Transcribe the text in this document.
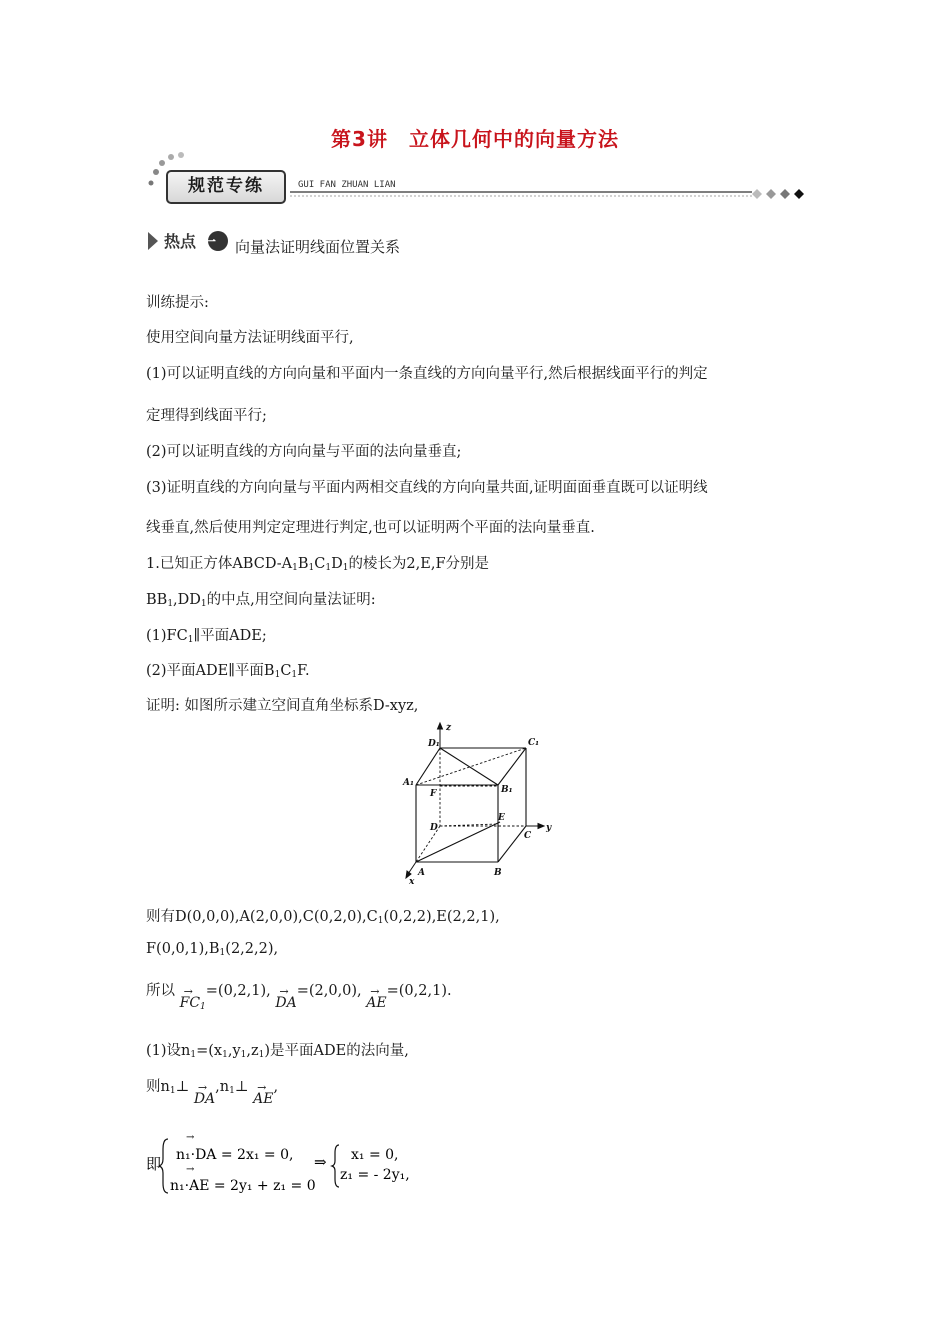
第3讲　立体几何中的向量方法
规范专练	GUI FAN ZHUAN LIAN
热点 一 向量法证明线面位置关系
训练提示:
使用空间向量方法证明线面平行,
(1)可以证明直线的方向向量和平面内一条直线的方向向量平行,然后根据线面平行的判定
定理得到线面平行;
(2)可以证明直线的方向向量与平面的法向量垂直;
(3)证明直线的方向向量与平面内两相交直线的方向向量共面,证明面面垂直既可以证明线
线垂直,然后使用判定定理进行判定,也可以证明两个平面的法向量垂直.
1.已知正方体ABCD-$A_1B_1C_1D_1$的棱长为2,E,F分别是
$BB_1,DD_1$的中点,用空间向量法证明:
$(1)FC_1\parallel$平面ADE;
(2)平面ADE∥平面$B_1C_1F$.
证明: 如图所示建立空间直角坐标系D-xyz,
D₁
z
C₁
A₁
F	B₁
D
E
C
y
A	B
x
则有$D(0,0,0),A(2,0,0),C(0,2,0),C_1(0,2,2),E(2,2,1)$,
$F(0,0,1),B_1(2,2,2)$,
所以 →
$FC_1=(0,2,1)$, →
DA=(2,0,0), →
AE=(0,2,1).
(1)设$n_1=(x_1,y_1,z_1)$是平面ADE的法向量,
则$n_1\perp$ →
$DA,n_1\perp$ →
AE,
即
→
n₁·DA = 2x₁ = 0,
→
n₁·AE = 2y₁ + z₁ = 0
⇒ x₁ = 0,
z₁ = - 2y₁,
